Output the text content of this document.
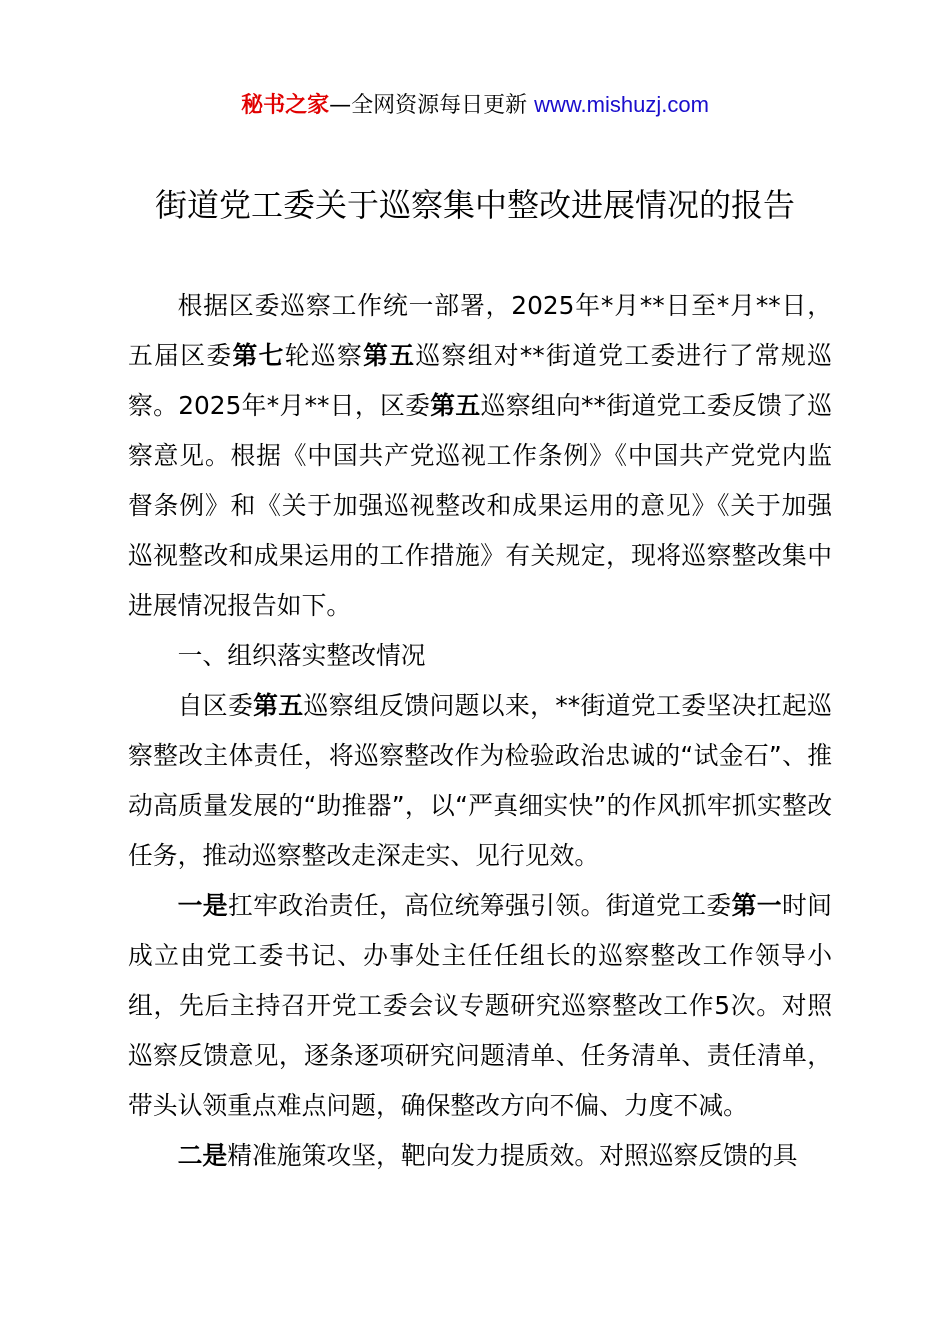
秘书之家—全网资源每日更新 www.mishuzj.com
街道党工委关于巡察集中整改进展情况的报告

根据区委巡察工作统一部署，2025年*月**日至*月**日，五届区委第七轮巡察第五巡察组对**街道党工委进行了常规巡察。2025年*月**日，区委第五巡察组向**街道党工委反馈了巡察意见。根据《中国共产党巡视工作条例》《中国共产党党内监督条例》和《关于加强巡视整改和成果运用的意见》《关于加强巡视整改和成果运用的工作措施》有关规定，现将巡察整改集中进展情况报告如下。

一、组织落实整改情况

自区委第五巡察组反馈问题以来，**街道党工委坚决扛起巡察整改主体责任，将巡察整改作为检验政治忠诚的“试金石”、推动高质量发展的“助推器”，以“严真细实快”的作风抓牢抓实整改任务，推动巡察整改走深走实、见行见效。

一是扛牢政治责任，高位统筹强引领。街道党工委第一时间成立由党工委书记、办事处主任任组长的巡察整改工作领导小组，先后主持召开党工委会议专题研究巡察整改工作5次。对照巡察反馈意见，逐条逐项研究问题清单、任务清单、责任清单，带头认领重点难点问题，确保整改方向不偏、力度不减。

二是精准施策攻坚，靶向发力提质效。对照巡察反馈的具
